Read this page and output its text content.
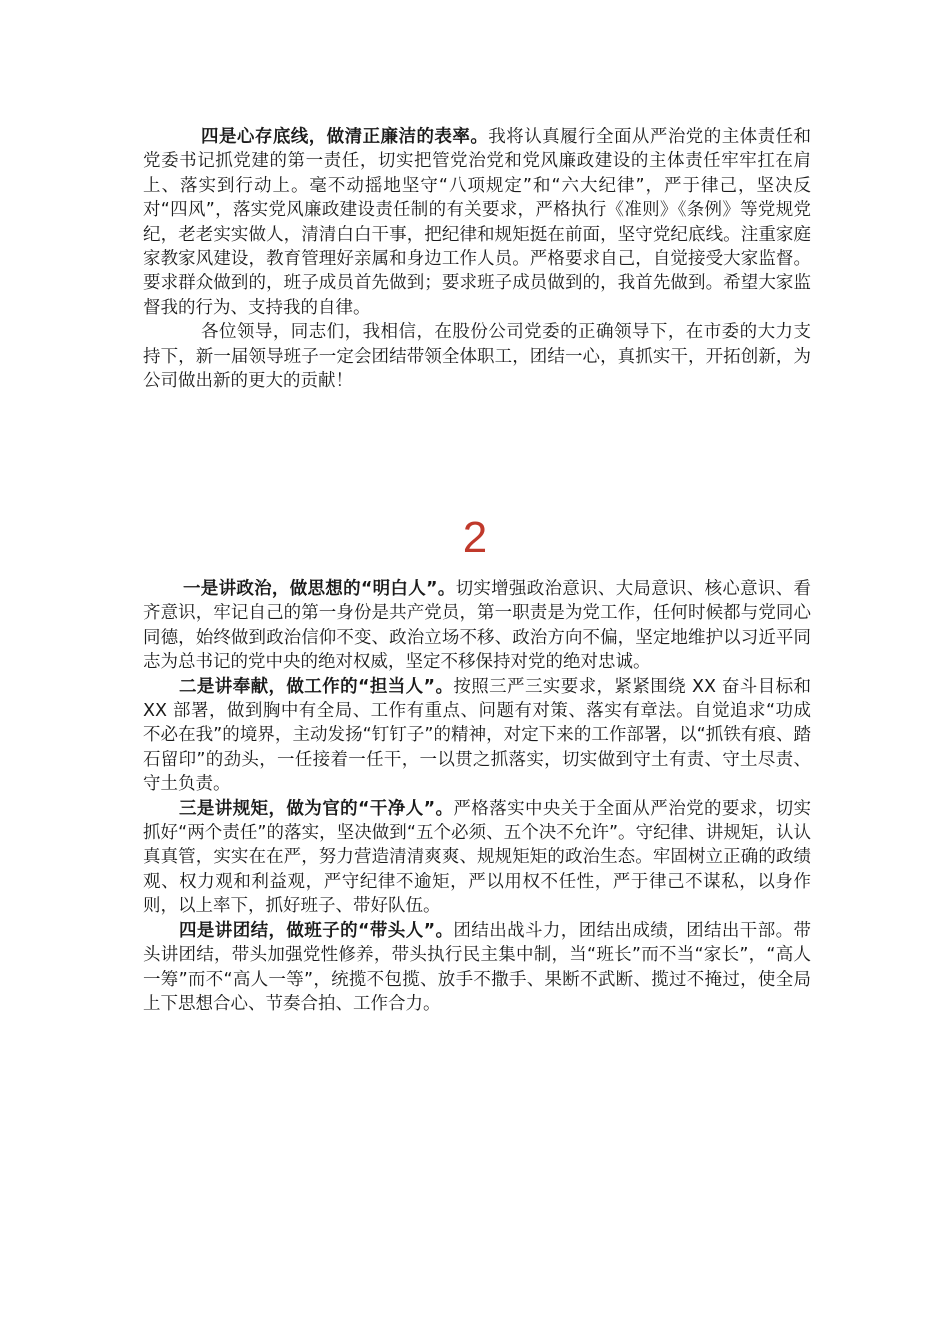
四是心存底线，做清正廉洁的表率。我将认真履行全面从严治党的主体责任和党委书记抓党建的第一责任，切实把管党治党和党风廉政建设的主体责任牢牢扛在肩上、落实到行动上。毫不动摇地坚守“八项规定”和“六大纪律”，严于律己，坚决反对“四风”，落实党风廉政建设责任制的有关要求，严格执行《准则》《条例》等党规党纪，老老实实做人，清清白白干事，把纪律和规矩挺在前面，坚守党纪底线。注重家庭家教家风建设，教育管理好亲属和身边工作人员。严格要求自己，自觉接受大家监督。要求群众做到的，班子成员首先做到；要求班子成员做到的，我首先做到。希望大家监督我的行为、支持我的自律。

各位领导，同志们，我相信，在股份公司党委的正确领导下，在市委的大力支持下，新一届领导班子一定会团结带领全体职工，团结一心，真抓实干，开拓创新，为公司做出新的更大的贡献！

2

一是讲政治，做思想的“明白人”。切实增强政治意识、大局意识、核心意识、看齐意识，牢记自己的第一身份是共产党员，第一职责是为党工作，任何时候都与党同心同德，始终做到政治信仰不变、政治立场不移、政治方向不偏，坚定地维护以习近平同志为总书记的党中央的绝对权威，坚定不移保持对党的绝对忠诚。

二是讲奉献，做工作的“担当人”。按照三严三实要求，紧紧围绕 XX 奋斗目标和 XX 部署，做到胸中有全局、工作有重点、问题有对策、落实有章法。自觉追求“功成不必在我”的境界，主动发扬“钉钉子”的精神，对定下来的工作部署，以“抓铁有痕、踏石留印”的劲头，一任接着一任干，一以贯之抓落实，切实做到守土有责、守土尽责、守土负责。

三是讲规矩，做为官的“干净人”。严格落实中央关于全面从严治党的要求，切实抓好“两个责任”的落实，坚决做到“五个必须、五个决不允许”。守纪律、讲规矩，认认真真管，实实在在严，努力营造清清爽爽、规规矩矩的政治生态。牢固树立正确的政绩观、权力观和利益观，严守纪律不逾矩，严以用权不任性，严于律己不谋私，以身作则，以上率下，抓好班子、带好队伍。

四是讲团结，做班子的“带头人”。团结出战斗力，团结出成绩，团结出干部。带头讲团结，带头加强党性修养，带头执行民主集中制，当“班长”而不当“家长”，“高人一筹”而不“高人一等”，统揽不包揽、放手不撒手、果断不武断、揽过不掩过，使全局上下思想合心、节奏合拍、工作合力。
